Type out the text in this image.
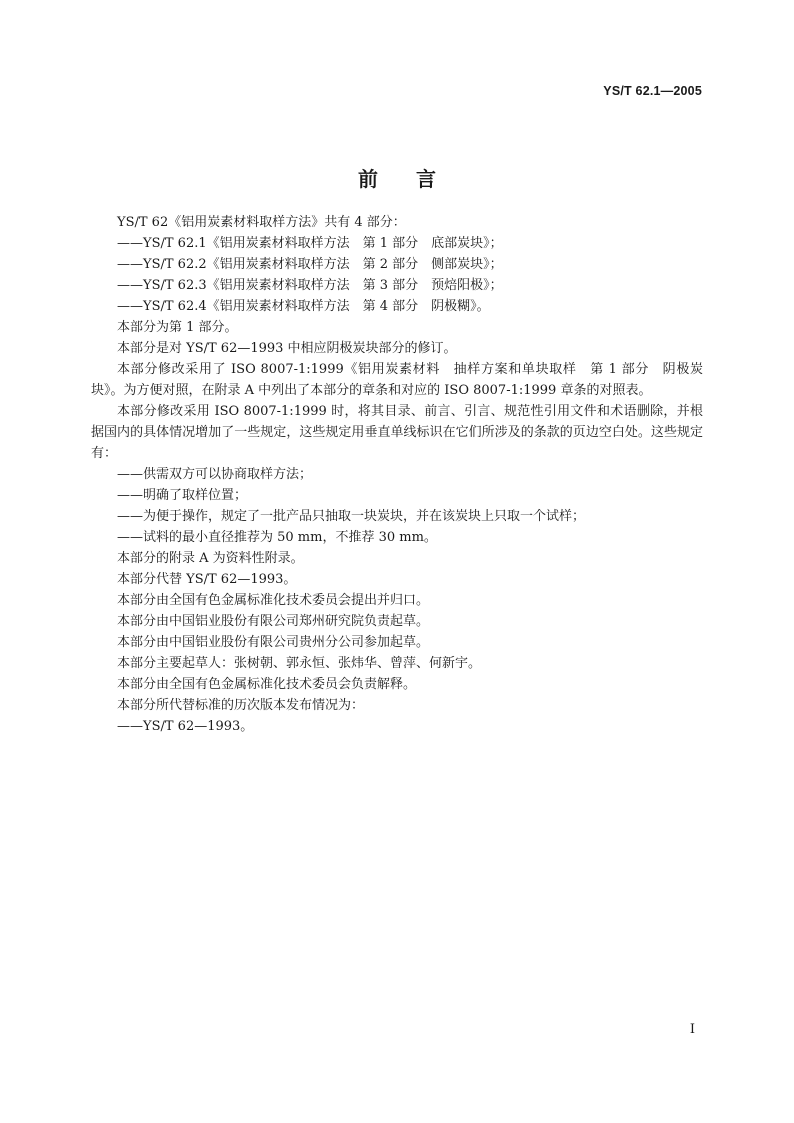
YS/T 62.1—2005
前言

YS/T 62《铝用炭素材料取样方法》共有 4 部分：

——YS/T 62.1《铝用炭素材料取样方法　第 1 部分　底部炭块》；

——YS/T 62.2《铝用炭素材料取样方法　第 2 部分　侧部炭块》；

——YS/T 62.3《铝用炭素材料取样方法　第 3 部分　预焙阳极》；

——YS/T 62.4《铝用炭素材料取样方法　第 4 部分　阴极糊》。

本部分为第 1 部分。

本部分是对 YS/T 62—1993 中相应阴极炭块部分的修订。

本部分修改采用了 ISO 8007-1:1999《铝用炭素材料　抽样方案和单块取样　第 1 部分　阴极炭块》。为方便对照，在附录 A 中列出了本部分的章条和对应的 ISO 8007-1:1999 章条的对照表。

本部分修改采用 ISO 8007-1:1999 时，将其目录、前言、引言、规范性引用文件和术语删除，并根据国内的具体情况增加了一些规定，这些规定用垂直单线标识在它们所涉及的条款的页边空白处。这些规定有：

——供需双方可以协商取样方法；

——明确了取样位置；

——为便于操作，规定了一批产品只抽取一块炭块，并在该炭块上只取一个试样；

——试料的最小直径推荐为 50 mm，不推荐 30 mm。

本部分的附录 A 为资料性附录。

本部分代替 YS/T 62—1993。

本部分由全国有色金属标准化技术委员会提出并归口。

本部分由中国铝业股份有限公司郑州研究院负责起草。

本部分由中国铝业股份有限公司贵州分公司参加起草。

本部分主要起草人：张树朝、郭永恒、张炜华、曾萍、何新宇。

本部分由全国有色金属标准化技术委员会负责解释。

本部分所代替标准的历次版本发布情况为：

——YS/T 62—1993。

I
